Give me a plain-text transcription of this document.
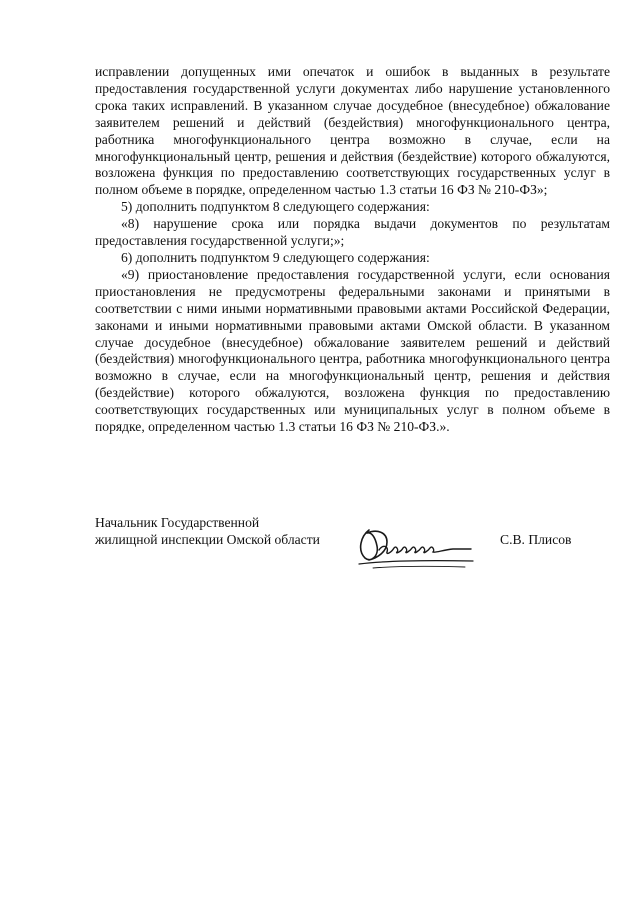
исправлении допущенных ими опечаток и ошибок в выданных в результате предоставления государственной услуги документах либо нарушение установленного срока таких исправлений. В указанном случае досудебное (внесудебное) обжалование заявителем решений и действий (бездействия) многофункционального центра, работника многофункционального центра возможно в случае, если на многофункциональный центр, решения и действия (бездействие) которого обжалуются, возложена функция по предоставлению соответствующих государственных услуг в полном объеме в порядке, определенном частью 1.3 статьи 16 ФЗ № 210-ФЗ»;

5) дополнить подпунктом 8 следующего содержания:

«8) нарушение срока или порядка выдачи документов по результатам предоставления государственной услуги;»;

6) дополнить подпунктом 9 следующего содержания:

«9) приостановление предоставления государственной услуги, если основания приостановления не предусмотрены федеральными законами и принятыми в соответствии с ними иными нормативными правовыми актами Российской Федерации, законами и иными нормативными правовыми актами Омской области. В указанном случае досудебное (внесудебное) обжалование заявителем решений и действий (бездействия) многофункционального центра, работника многофункционального центра возможно в случае, если на многофункциональный центр, решения и действия (бездействие) которого обжалуются, возложена функция по предоставлению соответствующих государственных или муниципальных услуг в полном объеме в порядке, определенном частью 1.3 статьи 16 ФЗ № 210-ФЗ.».

Начальник Государственной
жилищной инспекции Омской области	С.В. Плисов
